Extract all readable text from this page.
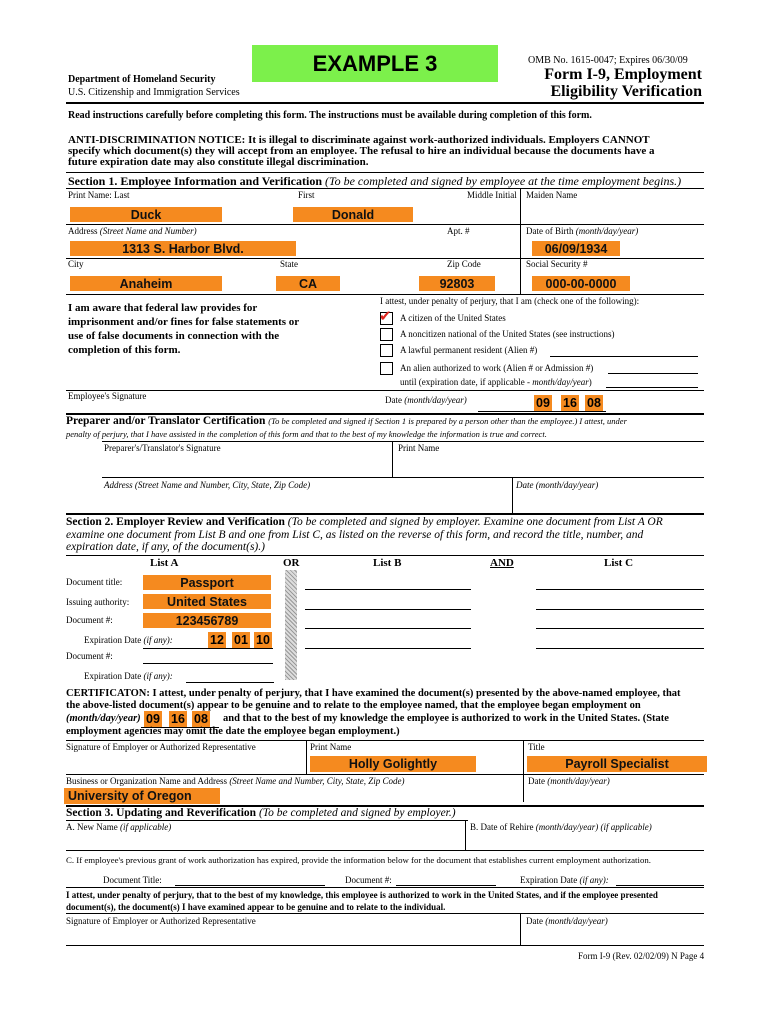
EXAMPLE 3	OMB No. 1615-0047; Expires 06/30/09
Form I-9, Employment
Eligibility Verification
Department of Homeland Security
U.S. Citizenship and Immigration Services
Read instructions carefully before completing this form. The instructions must be available during completion of this form.
ANTI-DISCRIMINATION NOTICE: It is illegal to discriminate against work-authorized individuals. Employers CANNOT
specify which document(s) they will accept from an employee. The refusal to hire an individual because the documents have a
future expiration date may also constitute illegal discrimination.
Section 1. Employee Information and Verification (To be completed and signed by employee at the time employment begins.)
Print Name: Last	First	Middle Initial Maiden Name
Duck	Donald
Address (Street Name and Number)	Apt. #	Date of Birth (month/day/year)
1313 S. Harbor Blvd.	06/09/1934
City	State	Zip Code	Social Security #
Anaheim	CA	92803	000-00-0000
I am aware that federal law provides for
imprisonment and/or fines for false statements or
use of false documents in connection with the
completion of this form.
I attest, under penalty of perjury, that I am (check one of the following):
✔ A citizen of the United States
A noncitizen national of the United States (see instructions)
A lawful permanent resident (Alien #)
An alien authorized to work (Alien # or Admission #)
until (expiration date, if applicable - month/day/year)
Employee's Signature	Date (month/day/year)	09 16 08
Preparer and/or Translator Certification (To be completed and signed if Section 1 is prepared by a person other than the employee.) I attest, under
penalty of perjury, that I have assisted in the completion of this form and that to the best of my knowledge the information is true and correct.
Preparer's/Translator's Signature	Print Name
Address (Street Name and Number, City, State, Zip Code)	Date (month/day/year)
Section 2. Employer Review and Verification (To be completed and signed by employer. Examine one document from List A OR
examine one document from List B and one from List C, as listed on the reverse of this form, and record the title, number, and
expiration date, if any, of the document(s).)
List A	OR	List B	AND	List C
Document title:	Passport
Issuing authority:	United States
Document #:	123456789
Expiration Date (if any):	12 01 10
Document #:
Expiration Date (if any):
CERTIFICATON: I attest, under penalty of perjury, that I have examined the document(s) presented by the above-named employee, that
the above-listed document(s) appear to be genuine and to relate to the employee named, that the employee began employment on
(month/day/year) 09 16 08 and that to the best of my knowledge the employee is authorized to work in the United States. (State
employment agencies may omit the date the employee began employment.)
Signature of Employer or Authorized Representative	Print Name	Title
Holly Golightly	Payroll Specialist
Business or Organization Name and Address (Street Name and Number, City, State, Zip Code)	Date (month/day/year)
University of Oregon
Section 3. Updating and Reverification (To be completed and signed by employer.)
A. New Name (if applicable)	B. Date of Rehire (month/day/year) (if applicable)
C. If employee's previous grant of work authorization has expired, provide the information below for the document that establishes current employment authorization.
Document Title:	Document #:	Expiration Date (if any):
I attest, under penalty of perjury, that to the best of my knowledge, this employee is authorized to work in the United States, and if the employee presented
document(s), the document(s) I have examined appear to be genuine and to relate to the individual.
Signature of Employer or Authorized Representative	Date (month/day/year)
Form I-9 (Rev. 02/02/09) N Page 4
